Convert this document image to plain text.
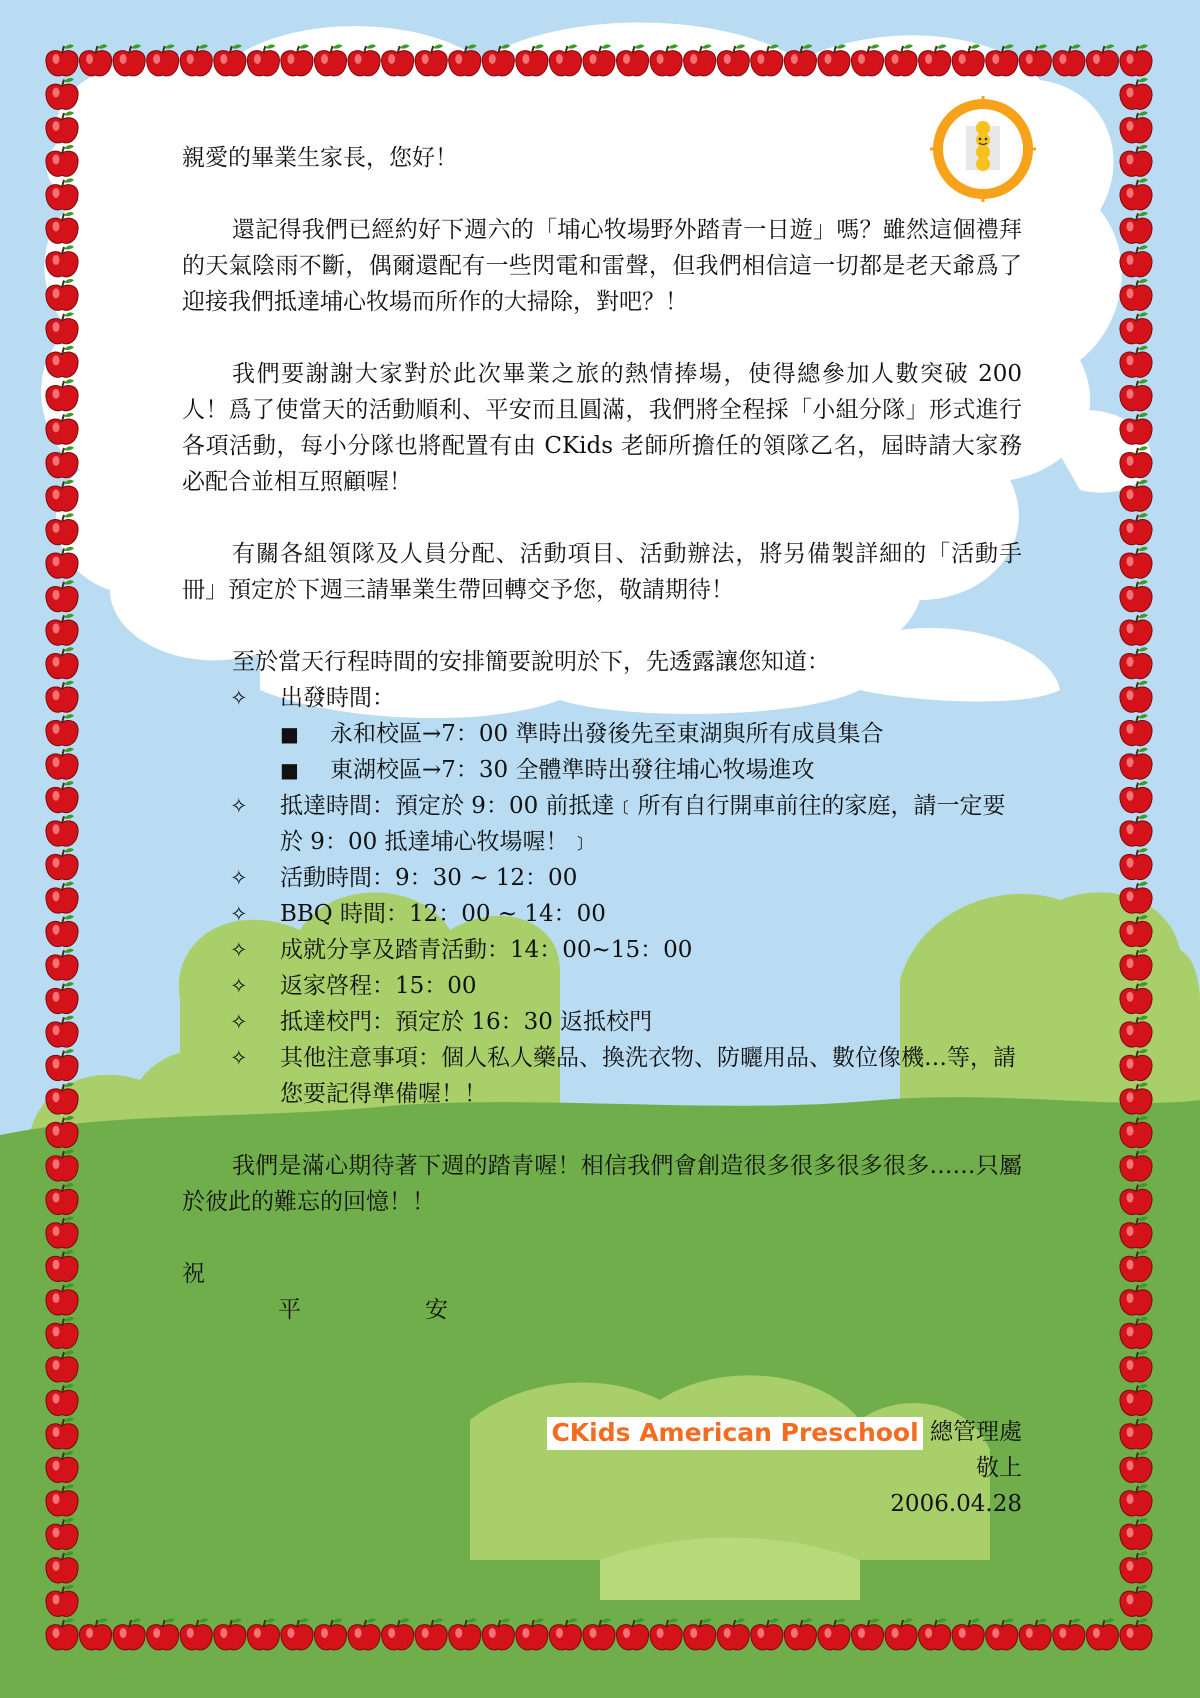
親愛的畢業生家長，您好！

還記得我們已經約好下週六的「埔心牧場野外踏青一日遊」嗎？雖然這個禮拜的天氣陰雨不斷，偶爾還配有一些閃電和雷聲，但我們相信這一切都是老天爺爲了迎接我們抵達埔心牧場而所作的大掃除，對吧？！

我們要謝謝大家對於此次畢業之旅的熱情捧場，使得總參加人數突破 200 人！爲了使當天的活動順利、平安而且圓滿，我們將全程採「小組分隊」形式進行各項活動，每小分隊也將配置有由 CKids 老師所擔任的領隊乙名，屆時請大家務必配合並相互照顧喔！

有關各組領隊及人員分配、活動項目、活動辦法，將另備製詳細的「活動手冊」預定於下週三請畢業生帶回轉交予您，敬請期待！

至於當天行程時間的安排簡要說明於下，先透露讓您知道：

✧	出發時間：
■ 永和校區→7：00 準時出發後先至東湖與所有成員集合
■ 東湖校區→7：30 全體準時出發往埔心牧場進攻
✧	抵達時間：預定於 9：00 前抵達﹝所有自行開車前往的家庭，請一定要於 9：00 抵達埔心牧場喔！﹞
✧	活動時間：9：30 ~ 12：00
✧	BBQ 時間：12：00 ~ 14：00
✧	成就分享及踏青活動：14：00~15：00
✧	返家啓程：15：00
✧	抵達校門：預定於 16：30 返抵校門
✧	其他注意事項：個人私人藥品、換洗衣物、防曬用品、數位像機…等，請您要記得準備喔！！

我們是滿心期待著下週的踏青喔！相信我們會創造很多很多很多很多……只屬於彼此的難忘的回憶！！

祝

平	安

CKids American Preschool 總管理處
敬上
2006.04.28
